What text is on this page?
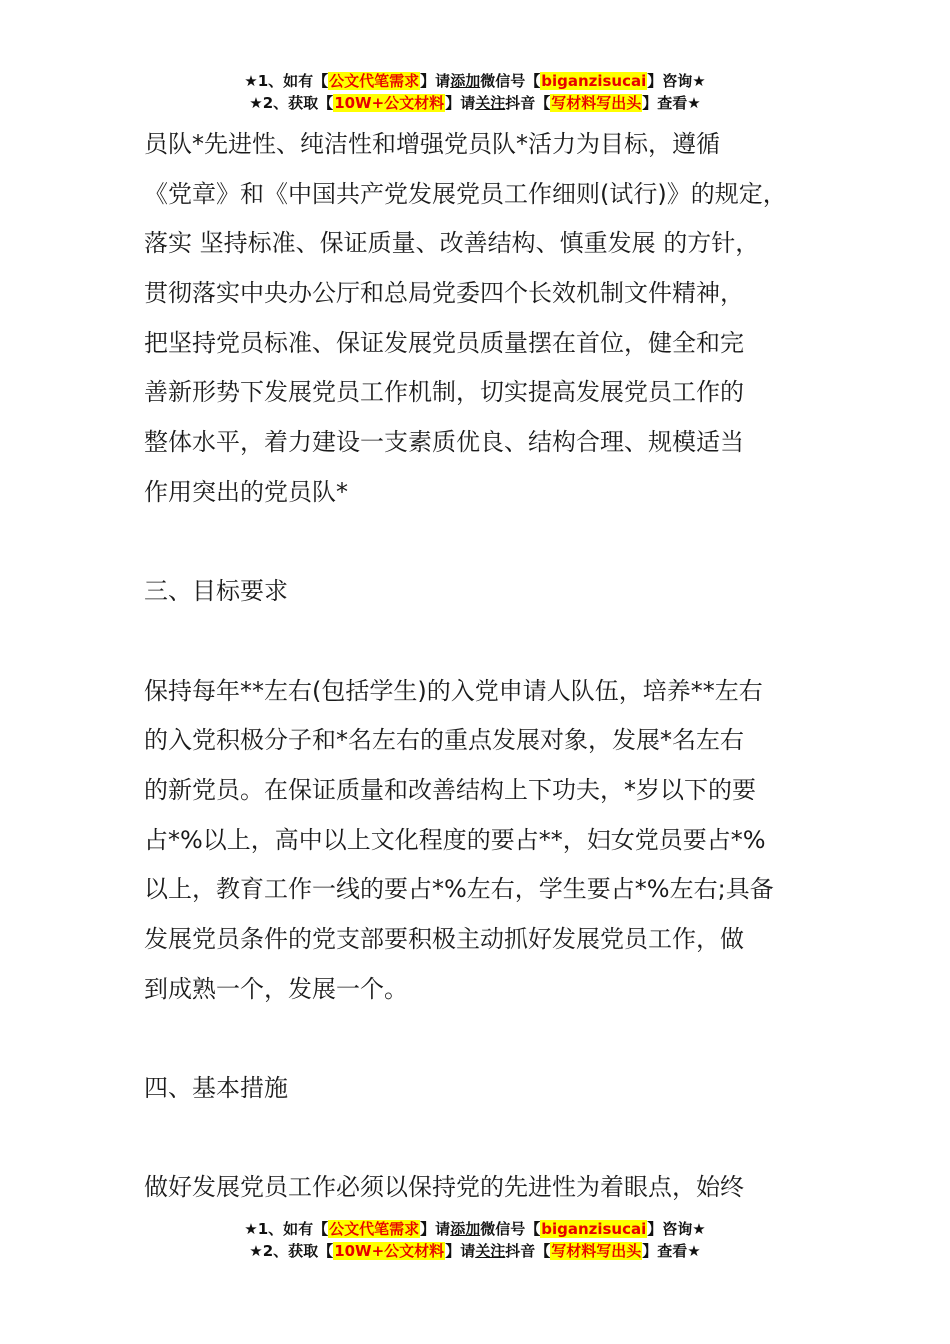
★1、如有【公文代笔需求】请添加微信号【biganzisucai】咨询★
★2、获取【10W+公文材料】请关注抖音【写材料写出头】查看★
员队*先进性、纯洁性和增强党员队*活力为目标，遵循
《党章》和《中国共产党发展党员工作细则(试行)》的规定，
落实 坚持标准、保证质量、改善结构、慎重发展 的方针，
贯彻落实中央办公厅和总局党委四个长效机制文件精神，
把坚持党员标准、保证发展党员质量摆在首位，健全和完
善新形势下发展党员工作机制，切实提高发展党员工作的
整体水平，着力建设一支素质优良、结构合理、规模适当
作用突出的党员队*
三、目标要求
保持每年**左右(包括学生)的入党申请人队伍，培养**左右
的入党积极分子和*名左右的重点发展对象，发展*名左右
的新党员。在保证质量和改善结构上下功夫，*岁以下的要
占*%以上，高中以上文化程度的要占**，妇女党员要占*%
以上，教育工作一线的要占*%左右，学生要占*%左右;具备
发展党员条件的党支部要积极主动抓好发展党员工作，做
到成熟一个，发展一个。
四、基本措施
做好发展党员工作必须以保持党的先进性为着眼点，始终
★1、如有【公文代笔需求】请添加微信号【biganzisucai】咨询★
★2、获取【10W+公文材料】请关注抖音【写材料写出头】查看★
